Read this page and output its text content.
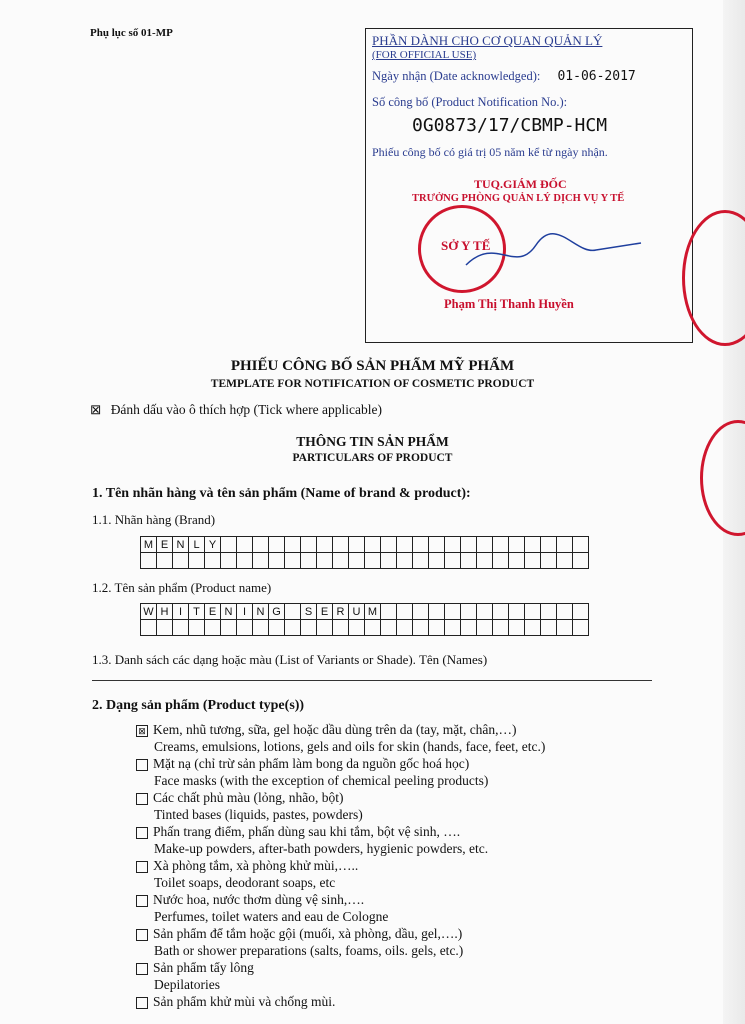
Phụ lục số 01-MP	PHẦN DÀNH CHO CƠ QUAN QUẢN LÝ
(FOR OFFICIAL USE)
Ngày nhận (Date acknowledged): 01-06-2017
Số công bố (Product Notification No.):
0G0873/17/CBMP-HCM
Phiếu công bố có giá trị 05 năm kể từ ngày nhận.
TUQ.GIÁM ĐỐC
TRƯỞNG PHÒNG QUẢN LÝ DỊCH VỤ Y TẾ
SỞ Y TẾ
Phạm Thị Thanh Huyền
PHIẾU CÔNG BỐ SẢN PHẨM MỸ PHẨM
TEMPLATE FOR NOTIFICATION OF COSMETIC PRODUCT
⊠ Đánh dấu vào ô thích hợp (Tick where applicable)
THÔNG TIN SẢN PHẨM
PARTICULARS OF PRODUCT
1. Tên nhãn hàng và tên sản phẩm (Name of brand & product):
1.1. Nhãn hàng (Brand)
M	E	N	L	Y																							

1.2. Tên sản phẩm (Product name)
W	H	I	T	E	N	I	N	G		S	E	R	U	M													

1.3. Danh sách các dạng hoặc màu (List of Variants or Shade). Tên (Names)
2. Dạng sản phẩm (Product type(s))
⊠ Kem, nhũ tương, sữa, gel hoặc dầu dùng trên da (tay, mặt, chân,…)
Creams, emulsions, lotions, gels and oils for skin (hands, face, feet, etc.)
Mặt nạ (chỉ trừ sản phẩm làm bong da nguồn gốc hoá học)
Face masks (with the exception of chemical peeling products)
Các chất phủ màu (lỏng, nhão, bột)
Tinted bases (liquids, pastes, powders)
Phấn trang điểm, phấn dùng sau khi tắm, bột vệ sinh, ….
Make-up powders, after-bath powders, hygienic powders, etc.
Xà phòng tắm, xà phòng khử mùi,…..
Toilet soaps, deodorant soaps, etc
Nước hoa, nước thơm dùng vệ sinh,….
Perfumes, toilet waters and eau de Cologne
Sản phẩm để tắm hoặc gội (muối, xà phòng, dầu, gel,….)
Bath or shower preparations (salts, foams, oils. gels, etc.)
Sản phẩm tẩy lông
Depilatories
Sản phẩm khử mùi và chống mùi.
